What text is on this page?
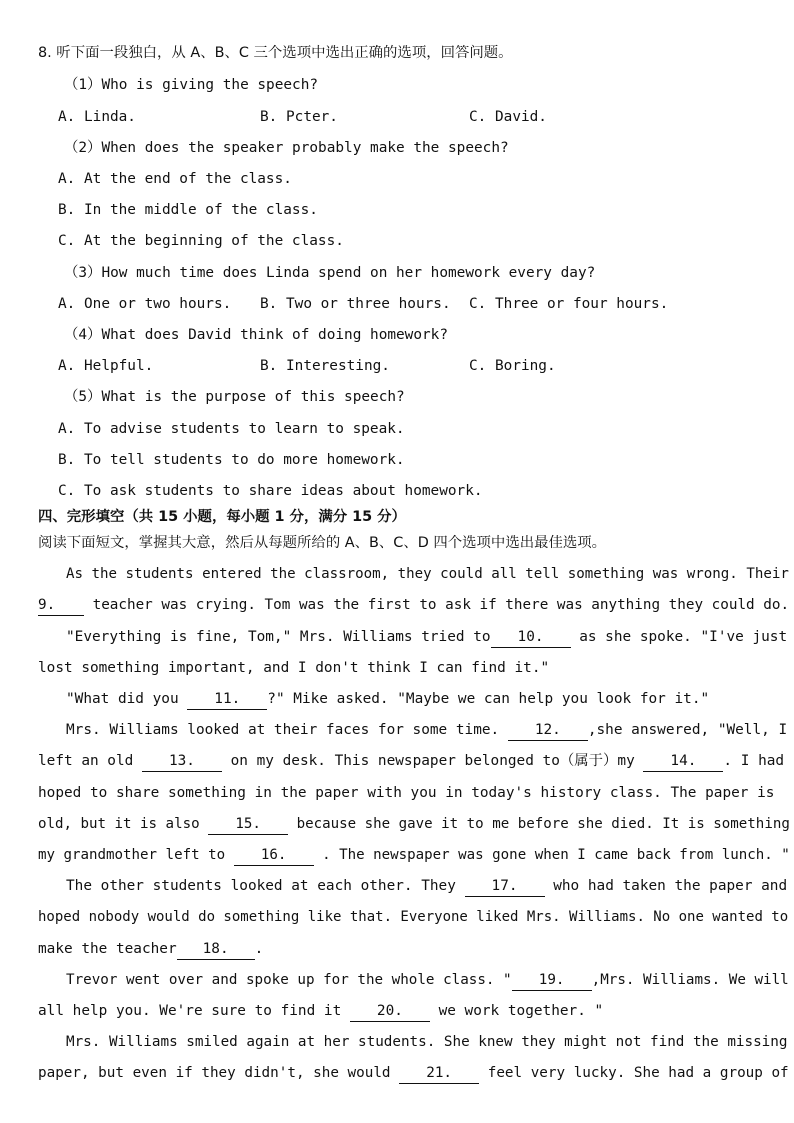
8. 听下面一段独白，从 A、B、C 三个选项中选出正确的选项，回答问题。
（1）Who is giving the speech?
A. Linda.	B. Pcter.	C. David.
（2）When does the speaker probably make the speech?
A. At the end of the class.
B. In the middle of the class.
C. At the beginning of the class.
（3）How much time does Linda spend on her homework every day?
A. One or two hours. B. Two or three hours. C. Three or four hours.
（4）What does David think of doing homework?
A. Helpful.	B. Interesting.	C. Boring.
（5）What is the purpose of this speech?
A. To advise students to learn to speak.
B. To tell students to do more homework.
C. To ask students to share ideas about homework.
四、完形填空（共 15 小题，每小题 1 分，满分 15 分）
阅读下面短文，掌握其大意，然后从每题所给的 A、B、C、D 四个选项中选出最佳选项。
As the students entered the classroom, they could all tell something was wrong. Their
9. teacher was crying. Tom was the first to ask if there was anything they could do.
"Everything is fine, Tom," Mrs. Williams tried to 10. as she spoke. "I've just
lost something important, and I don't think I can find it."
"What did you 11. ?" Mike asked. "Maybe we can help you look for it."
Mrs. Williams looked at their faces for some time. 12. ,she answered, "Well, I
left an old 13. on my desk. This newspaper belonged to（属于）my 14. . I had
hoped to share something in the paper with you in today's history class. The paper is
old, but it is also 15. because she gave it to me before she died. It is something
my grandmother left to 16. . The newspaper was gone when I came back from lunch. "
The other students looked at each other. They 17. who had taken the paper and
hoped nobody would do something like that. Everyone liked Mrs. Williams. No one wanted to
make the teacher 18. .
Trevor went over and spoke up for the whole class. " 19. ,Mrs. Williams. We will
all help you. We're sure to find it 20. we work together. "
Mrs. Williams smiled again at her students. She knew they might not find the missing
paper, but even if they didn't, she would 21. feel very lucky. She had a group of
